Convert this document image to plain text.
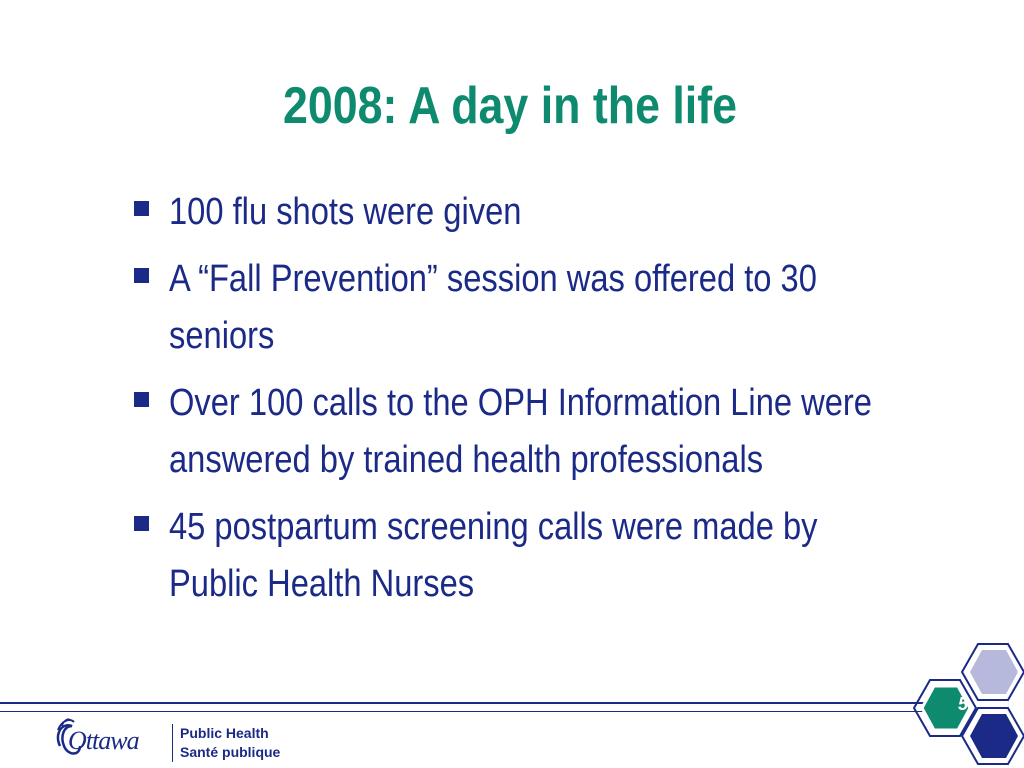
2008: A day in the life
100 flu shots were given
A “Fall Prevention” session was offered to 30 seniors
Over 100 calls to the OPH Information Line were answered by trained health professionals
45 postpartum screening calls were made by Public Health Nurses
5
Ottawa	Public Health
Santé publique
